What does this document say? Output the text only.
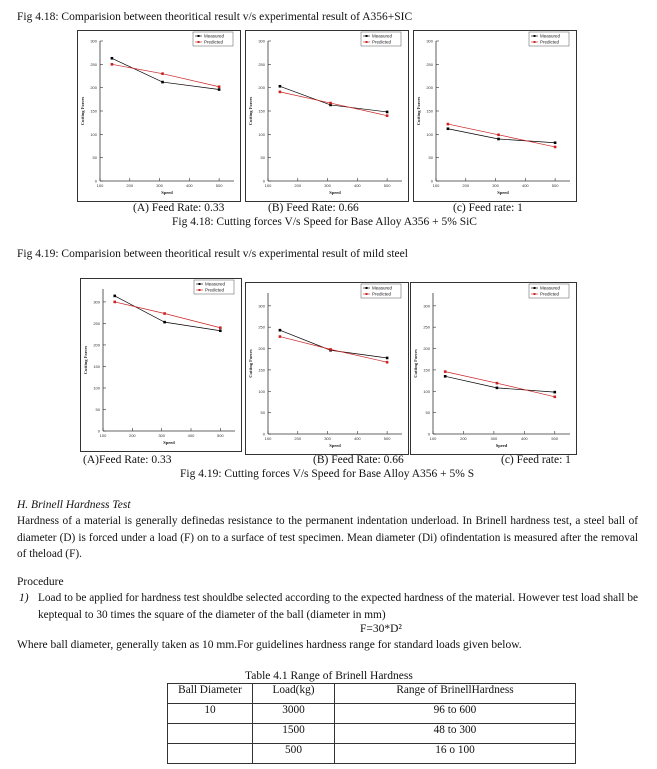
Fig 4.18: Comparision between theoritical result v/s experimental result of A356+SIC
0
50
100
150
200
250
300
100	200	300	400	500
Speed
Cutting Forces
Measured
Predicted
0
50
100
150
200
250
300
100	200	300	400	500
Speed
Cutting Forces
Measured
Predicted
0
50
100
150
200
250
300
100	200	300	400	500
Speed
Cutting Forces
Measured
Predicted
(A) Feed Rate: 0.33	(B) Feed Rate: 0.66	(c) Feed rate: 1
Fig 4.18: Cutting forces V/s Speed for Base Alloy A356 + 5% SiC
Fig 4.19: Comparision between theoritical result v/s experimental result of mild steel
0
50
100
150
200
250
300
100	200	300	400	500
Speed
Cutting Forces
Measured
Predicted
0
50
100
150
200
250
300
100	200	300	400	500
Speed
Cutting Forces
Measured
Predicted
0
50
100
150
200
250
300
100	200	300	400	500
Speed
Cutting Forces
Measured
Predicted
(A)Feed Rate: 0.33	(B) Feed Rate: 0.66	(c) Feed rate: 1
Fig 4.19: Cutting forces V/s Speed for Base Alloy A356 + 5% S
H. Brinell Hardness Test
Hardness of a material is generally definedas resistance to the permanent indentation underload. In Brinell hardness test, a steel ball of diameter (D) is forced under a load (F) on to a surface of test specimen. Mean diameter (Di) ofindentation is measured after the removal of theload (F).
Procedure
1) Load to be applied for hardness test shouldbe selected according to the expected hardness of the material. However test load shall be keptequal to 30 times the square of the diameter of the ball (diameter in mm)
F=30*D²
Where ball diameter, generally taken as 10 mm.For guidelines hardness range for standard loads given below.
Table 4.1 Range of Brinell Hardness
Ball Diameter	Load(kg)	Range of BrinellHardness
10	3000	96 to 600
	1500	48 to 300
	500	16 o 100
